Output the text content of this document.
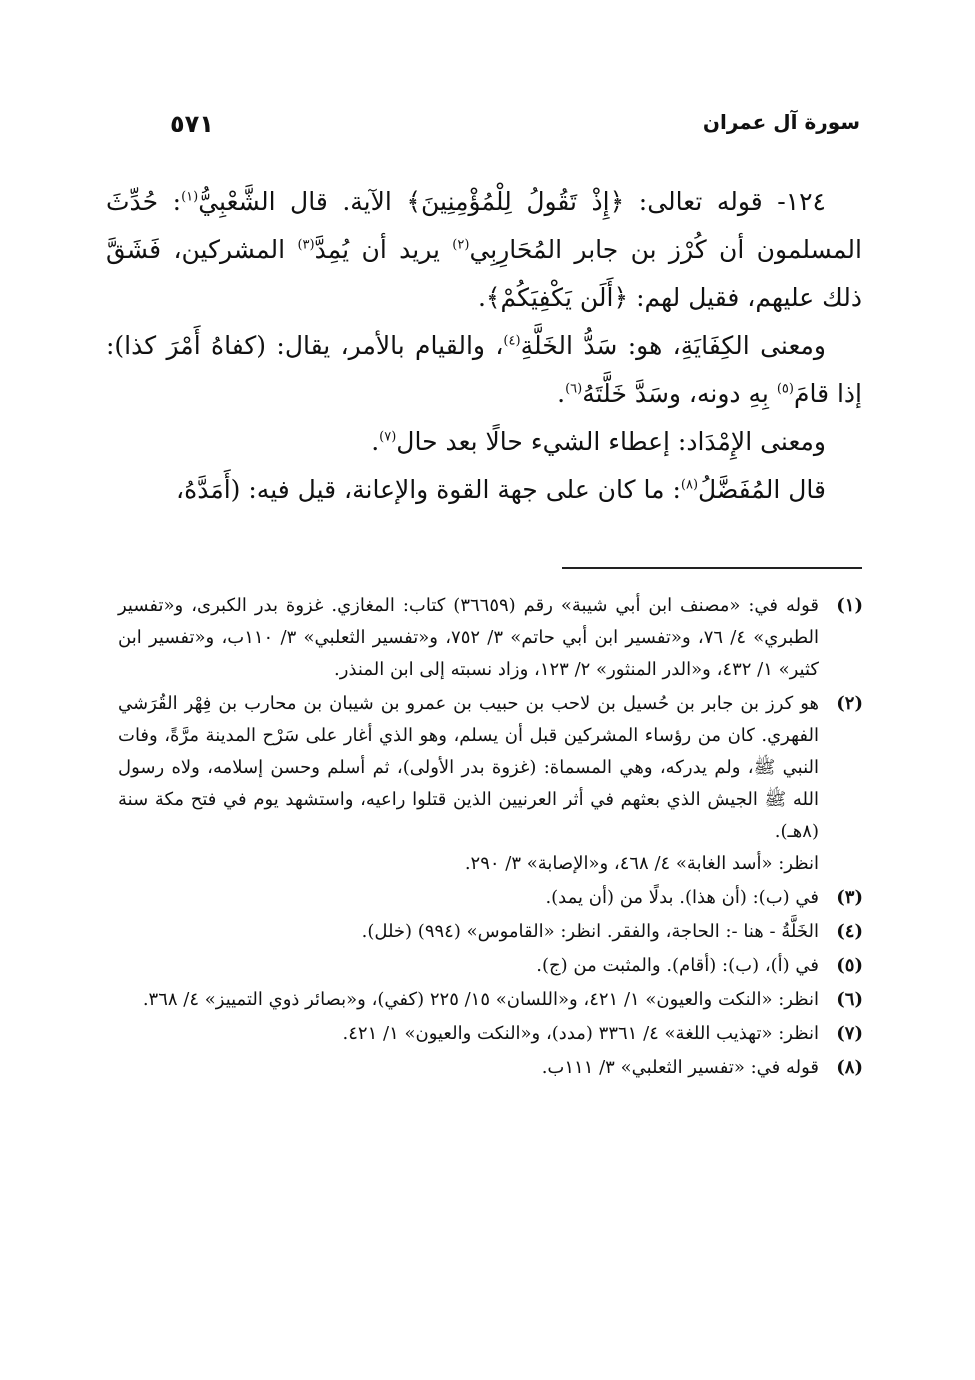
سورة آل عمران
٥٧١

١٢٤- قوله تعالى: ﴿إِذْ تَقُولُ لِلْمُؤْمِنِينَ﴾ الآية. قال الشَّعْبِيُّ$^{(١)}$: حُدِّثَ المسلمون أن كُرْز بن جابر المُحَارِبِي$^{(٢)}$ يريد أن يُمِدَّ$^{(٣)}$ المشركين، فَشَقَّ ذلك عليهم، فقيل لهم: ﴿أَلَن يَكْفِيَكُمْ﴾.

ومعنى الكِفَايَةِ، هو: سَدُّ الخَلَّةِ$^{(٤)}$، والقيام بالأمر، يقال: (كفاهُ أَمْرَ كذا): إذا قامَ$^{(٥)}$ بِهِ دونه، وسَدَّ خَلَّتَهُ$^{(٦)}$.

ومعنى الإِمْدَاد: إعطاء الشيء حالًا بعد حال$^{(٧)}$.

قال المُفَضَّلُ$^{(٨)}$: ما كان على جهة القوة والإعانة، قيل فيه: (أَمَدَّهُ،

(١)
قوله في: «مصنف ابن أبي شيبة» رقم (٣٦٦٥٩) كتاب: المغازي. غزوة بدر الكبرى، و«تفسير الطبري» ٤/ ٧٦، و«تفسير ابن أبي حاتم» ٣/ ٧٥٢، و«تفسير الثعلبي» ٣/ ١١٠ب، و«تفسير ابن كثير» ١/ ٤٣٢، و«الدر المنثور» ٢/ ١٢٣، وزاد نسبته إلى ابن المنذر.
(٢)
هو كرز بن جابر بن حُسيل بن لاحب بن حبيب بن عمرو بن شيبان بن محارب بن فِهْر القُرَشي الفهري. كان من رؤساء المشركين قبل أن يسلم، وهو الذي أغار على سَرْح المدينة مرَّةً، وفات النبي ﷺ، ولم يدركه، وهي المسماة: (غزوة بدر الأولى)، ثم أسلم وحسن إسلامه، ولاه رسول الله ﷺ الجيش الذي بعثهم في أثر العرنيين الذين قتلوا راعيه، واستشهد يوم في فتح مكة سنة (٨هـ).
انظر: «أسد الغابة» ٤/ ٤٦٨، و«الإصابة» ٣/ ٢٩٠.
(٣)
في (ب): (أن هذا). بدلًا من (أن يمد).
(٤)
الخَلَّةُ - هنا -: الحاجة، والفقر. انظر: «القاموس» (٩٩٤) (خلل).
(٥)
في (أ)، (ب): (أقام). والمثبت من (ج).
(٦)
انظر: «النكت والعيون» ١/ ٤٢١، و«اللسان» ١٥/ ٢٢٥ (كفي)، و«بصائر ذوي التمييز» ٤/ ٣٦٨.
(٧)
انظر: «تهذيب اللغة» ٤/ ٣٣٦١ (مدد)، و«النكت والعيون» ١/ ٤٢١.
(٨)
قوله في: «تفسير الثعلبي» ٣/ ١١١ب.
